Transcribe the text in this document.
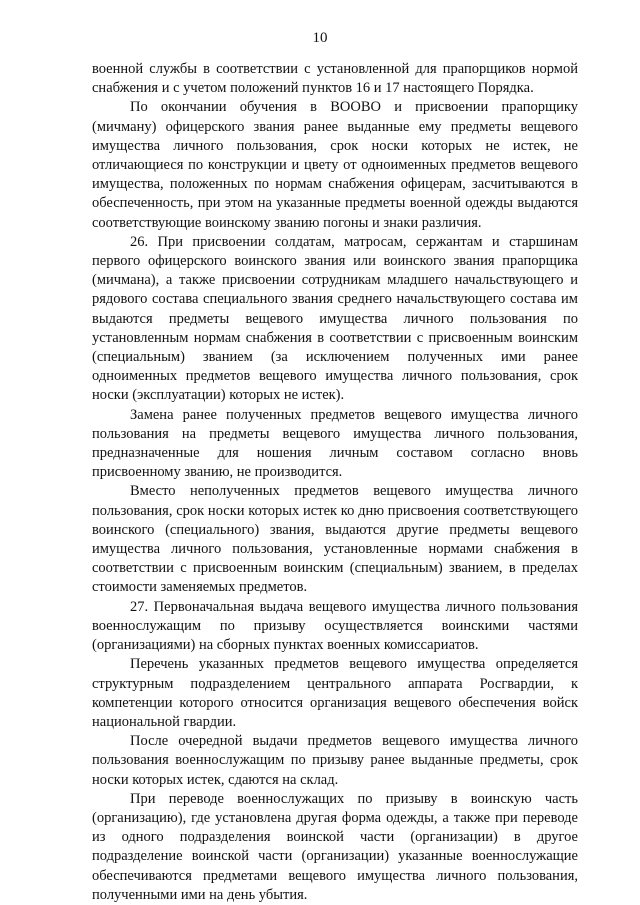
10

военной службы в соответствии с установленной для прапорщиков нормой снабжения и с учетом положений пунктов 16 и 17 настоящего Порядка.

По окончании обучения в ВООВО и присвоении прапорщику (мичману) офицерского звания ранее выданные ему предметы вещевого имущества личного пользования, срок носки которых не истек, не отличающиеся по конструкции и цвету от одноименных предметов вещевого имущества, положенных по нормам снабжения офицерам, засчитываются в обеспеченность, при этом на указанные предметы военной одежды выдаются соответствующие воинскому званию погоны и знаки различия.

26. При присвоении солдатам, матросам, сержантам и старшинам первого офицерского воинского звания или воинского звания прапорщика (мичмана), а также присвоении сотрудникам младшего начальствующего и рядового состава специального звания среднего начальствующего состава им выдаются предметы вещевого имущества личного пользования по установленным нормам снабжения в соответствии с присвоенным воинским (специальным) званием (за исключением полученных ими ранее одноименных предметов вещевого имущества личного пользования, срок носки (эксплуатации) которых не истек).

Замена ранее полученных предметов вещевого имущества личного пользования на предметы вещевого имущества личного пользования, предназначенные для ношения личным составом согласно вновь присвоенному званию, не производится.

Вместо неполученных предметов вещевого имущества личного пользования, срок носки которых истек ко дню присвоения соответствующего воинского (специального) звания, выдаются другие предметы вещевого имущества личного пользования, установленные нормами снабжения в соответствии с присвоенным воинским (специальным) званием, в пределах стоимости заменяемых предметов.

27. Первоначальная выдача вещевого имущества личного пользования военнослужащим по призыву осуществляется воинскими частями (организациями) на сборных пунктах военных комиссариатов.

Перечень указанных предметов вещевого имущества определяется структурным подразделением центрального аппарата Росгвардии, к компетенции которого относится организация вещевого обеспечения войск национальной гвардии.

После очередной выдачи предметов вещевого имущества личного пользования военнослужащим по призыву ранее выданные предметы, срок носки которых истек, сдаются на склад.

При переводе военнослужащих по призыву в воинскую часть (организацию), где установлена другая форма одежды, а также при переводе из одного подразделения воинской части (организации) в другое подразделение воинской части (организации) указанные военнослужащие обеспечиваются предметами вещевого имущества личного пользования, полученными ими на день убытия.
